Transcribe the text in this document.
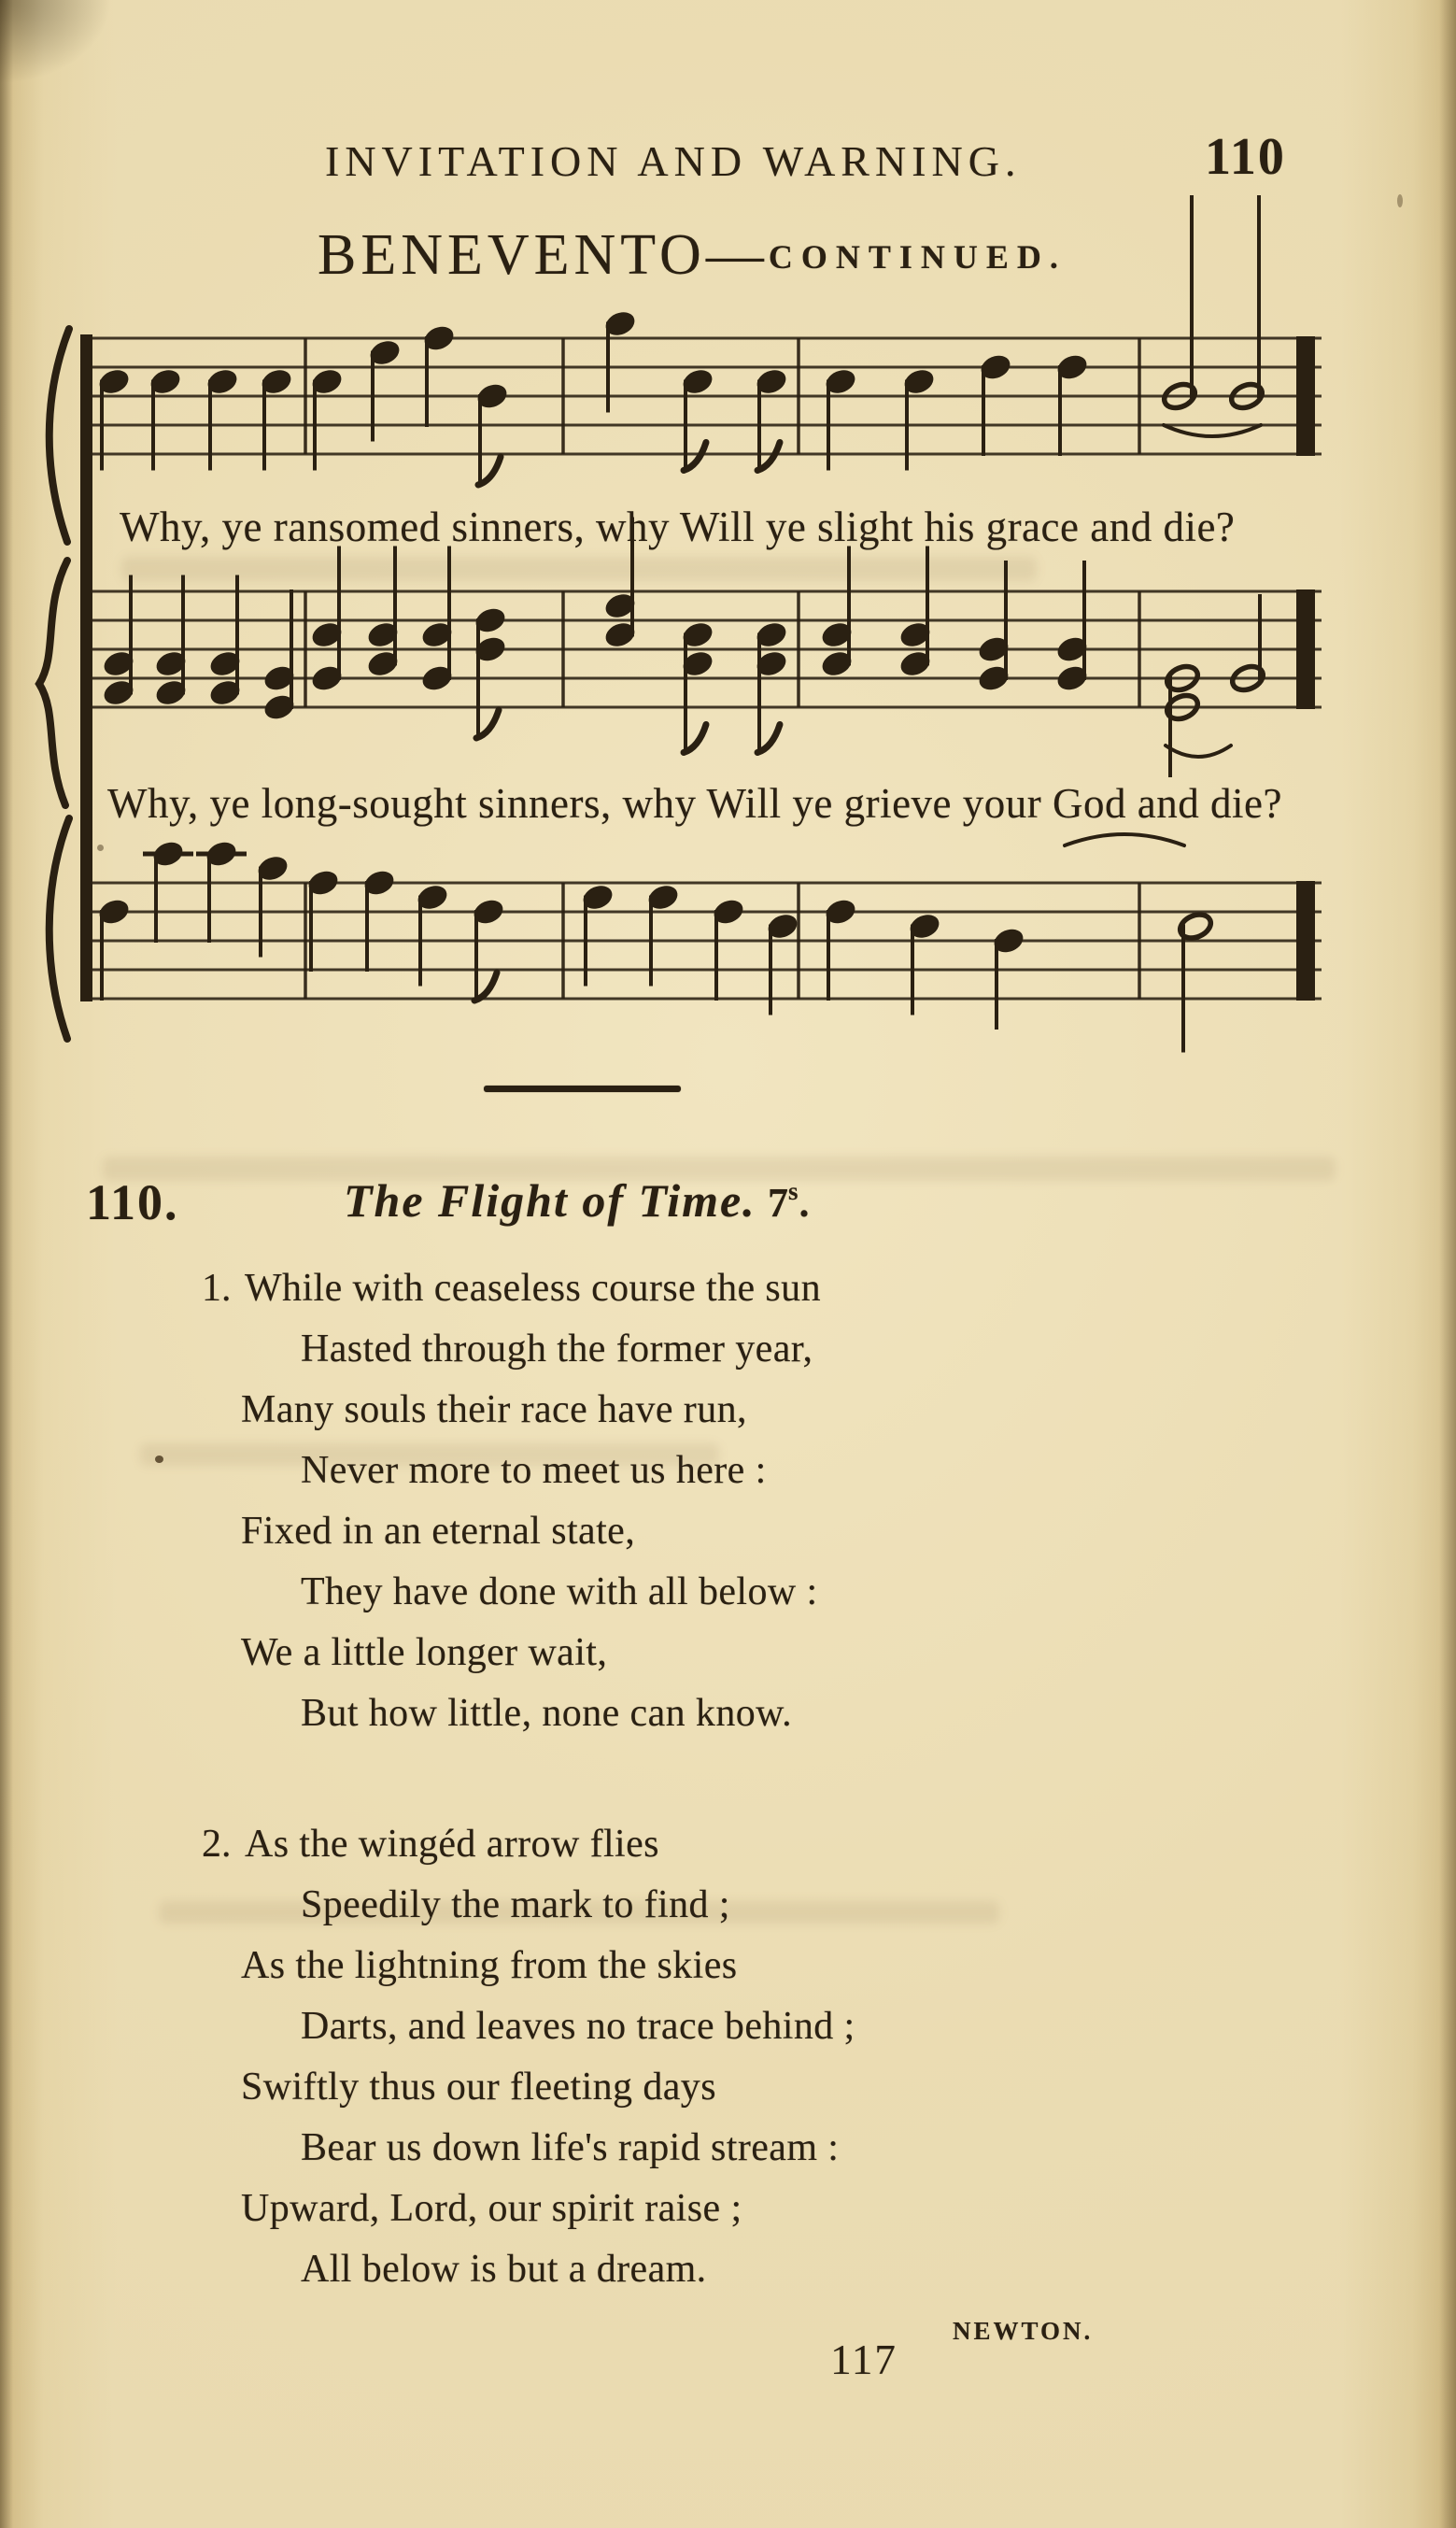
INVITATION AND WARNING.	110
BENEVENTO—CONTINUED.
Why, ye ransomed sinners, why Will ye slight his grace and die?
Why, ye long-sought sinners, why Will ye grieve your God and die?
110.	The Flight of Time. 7$^s$.
1. While with ceaseless course the sun
Hasted through the former year,
Many souls their race have run,
Never more to meet us here :
Fixed in an eternal state,
They have done with all below :
We a little longer wait,
But how little, none can know.
2. As the wingéd arrow flies
Speedily the mark to find ;
As the lightning from the skies
Darts, and leaves no trace behind ;
Swiftly thus our fleeting days
Bear us down life's rapid stream :
Upward, Lord, our spirit raise ;
All below is but a dream.
NEWTON.
117
